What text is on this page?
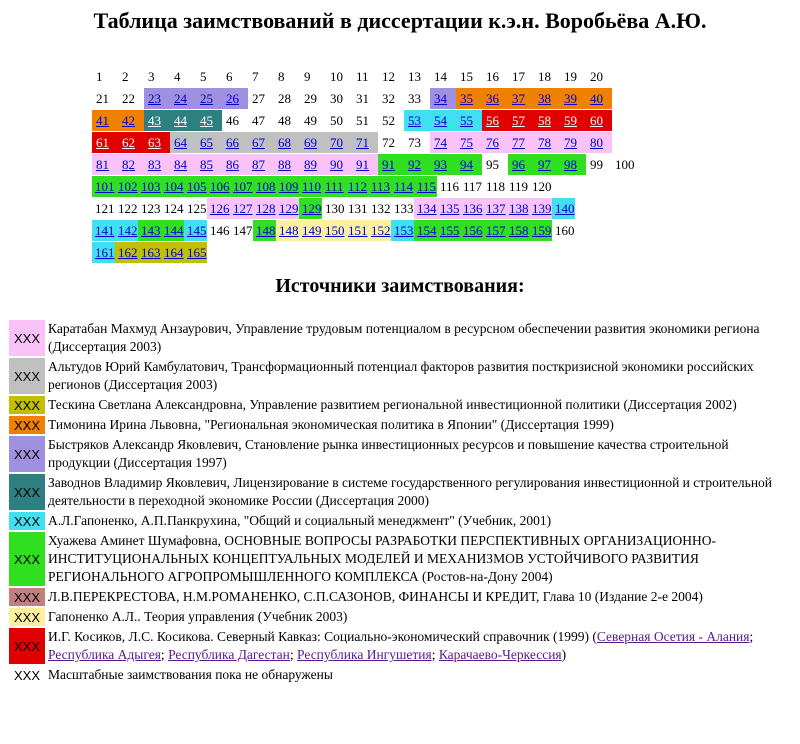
Таблица заимствований в диссертации к.э.н. Воробьёва А.Ю.
1	2	3	4	5	6	7	8	9	10	11	12	13	14	15	16	17	18	19	20
21	22	23	24	25	26	27	28	29	30	31	32	33	34	35	36	37	38	39	40
41	42	43	44	45	46	47	48	49	50	51	52	53	54	55	56	57	58	59	60
61	62	63	64	65	66	67	68	69	70	71	72	73	74	75	76	77	78	79	80
81	82	83	84	85	86	87	88	89	90	91	91	92	93	94	95	96	97	98	99 100
101 102 103 104 105 106 107 108 109 110 111 112 113 114 115 116 117 118 119 120
121 122 123 124 125 126 127 128 129 129 130 131 132 133 134 135 136 137 138 139 140
141 142 143 144 145 146 147 148 148 149 150 151 152 153 154 155 156 157 158 159 160
161 162 163 164 165
Источники заимствования:
XXX
Каратабан Махмуд Анзаурович, Управление трудовым потенциалом в ресурсном обеспечении развития экономики региона (Диссертация 2003)
XXX
Альтудов Юрий Камбулатович, Трансформационный потенциал факторов развития посткризисной экономики российских регионов (Диссертация 2003)
XXX Тескина Светлана Александровна, Управление развитием региональной инвестиционной политики (Диссертация 2002)
XXX Тимонина Ирина Львовна, "Региональная экономическая политика в Японии" (Диссертация 1999)
XXX
Быстряков Александр Яковлевич, Становление рынка инвестиционных ресурсов и повышение качества строительной продукции (Диссертация 1997)
XXX
Заводнов Владимир Яковлевич, Лицензирование в системе государственного регулирования инвестиционной и строительной деятельности в переходной экономике России (Диссертация 2000)
XXX А.Л.Гапоненко, А.П.Панкрухина, "Общий и социальный менеджмент" (Учебник, 2001)
XXX
Хуажева Аминет Шумафовна, ОСНОВНЫЕ ВОПРОСЫ РАЗРАБОТКИ ПЕРСПЕКТИВНЫХ ОРГАНИЗАЦИОННО-ИНСТИТУЦИОНАЛЬНЫХ КОНЦЕПТУАЛЬНЫХ МОДЕЛЕЙ И МЕХАНИЗМОВ УСТОЙЧИВОГО РАЗВИТИЯ РЕГИОНАЛЬНОГО АГРОПРОМЫШЛЕННОГО КОМПЛЕКСА (Ростов-на-Дону 2004)
XXX Л.В.ПЕРЕКРЕСТОВА, Н.М.РОМАНЕНКО, С.П.САЗОНОВ, ФИНАНСЫ И КРЕДИТ, Глава 10 (Издание 2-е 2004)
XXX Гапоненко А.Л.. Теория управления (Учебник 2003)
XXX
И.Г. Косиков, Л.С. Косикова. Северный Кавказ: Социально-экономический справочник (1999) (Северная Осетия - Алания; Республика Адыгея; Республика Дагестан; Республика Ингушетия; Карачаево-Черкессия)
XXX Масштабные заимствования пока не обнаружены
